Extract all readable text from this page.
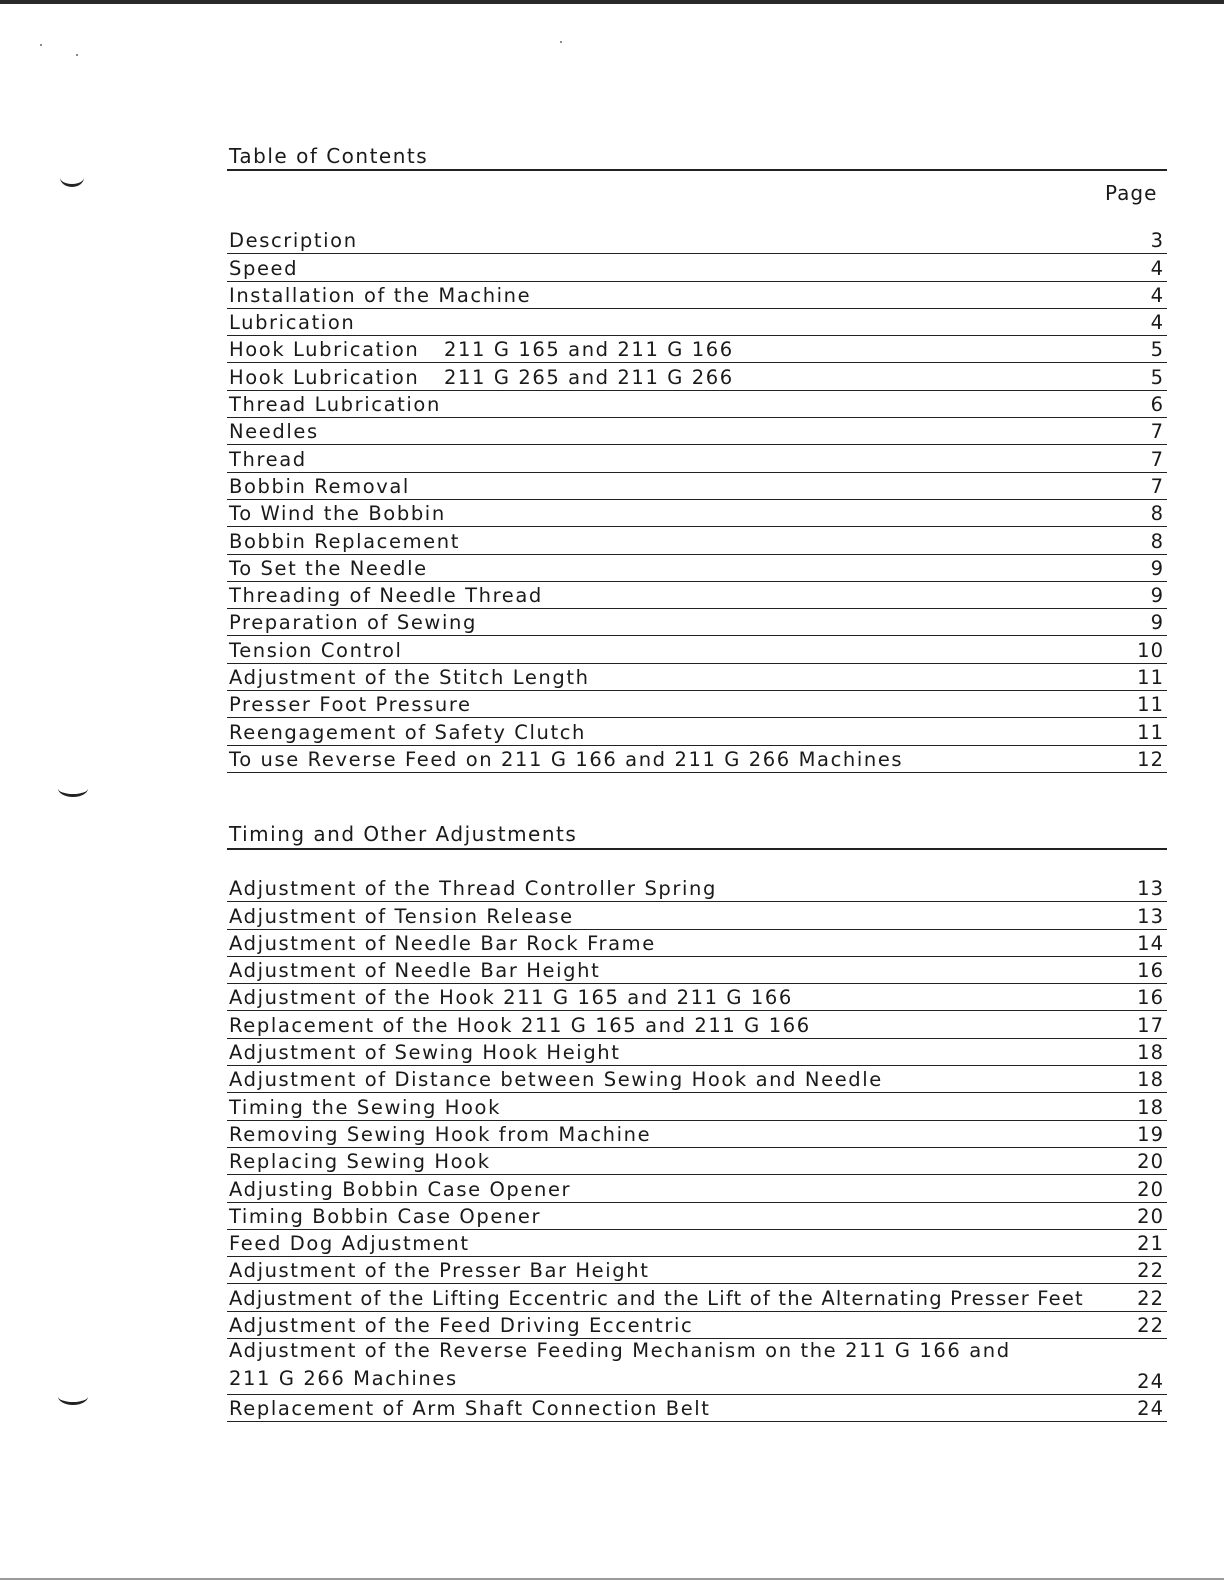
Table of Contents
Page
Description	3
Speed	4
Installation of the Machine	4
Lubrication	4
Hook Lubrication 211 G 165 and 211 G 166	5
Hook Lubrication 211 G 265 and 211 G 266	5
Thread Lubrication	6
Needles	7
Thread	7
Bobbin Removal	7
To Wind the Bobbin	8
Bobbin Replacement	8
To Set the Needle	9
Threading of Needle Thread	9
Preparation of Sewing	9
Tension Control	10
Adjustment of the Stitch Length	11
Presser Foot Pressure	11
Reengagement of Safety Clutch	11
To use Reverse Feed on 211 G 166 and 211 G 266 Machines	12
Timing and Other Adjustments
Adjustment of the Thread Controller Spring	13
Adjustment of Tension Release	13
Adjustment of Needle Bar Rock Frame	14
Adjustment of Needle Bar Height	16
Adjustment of the Hook 211 G 165 and 211 G 166	16
Replacement of the Hook 211 G 165 and 211 G 166	17
Adjustment of Sewing Hook Height	18
Adjustment of Distance between Sewing Hook and Needle	18
Timing the Sewing Hook	18
Removing Sewing Hook from Machine	19
Replacing Sewing Hook	20
Adjusting Bobbin Case Opener	20
Timing Bobbin Case Opener	20
Feed Dog Adjustment	21
Adjustment of the Presser Bar Height	22
Adjustment of the Lifting Eccentric and the Lift of the Alternating Presser Feet	22
Adjustment of the Feed Driving Eccentric	22
Adjustment of the Reverse Feeding Mechanism on the 211 G 166 and 211 G 266 Machines	24
Replacement of Arm Shaft Connection Belt	24
